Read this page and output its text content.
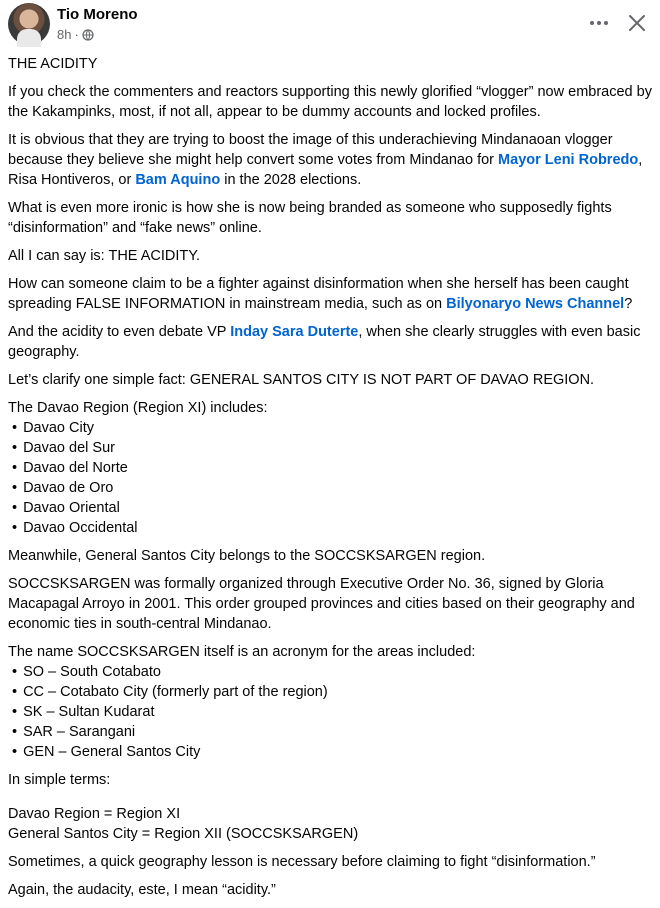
Tio Moreno
8h ·

THE ACIDITY

If you check the commenters and reactors supporting this newly glorified “vlogger” now embraced by the Kakampinks, most, if not all, appear to be dummy accounts and locked profiles.

It is obvious that they are trying to boost the image of this underachieving Mindanaoan vlogger because they believe she might help convert some votes from Mindanao for Mayor Leni Robredo, Risa Hontiveros, or Bam Aquino in the 2028 elections.

What is even more ironic is how she is now being branded as someone who supposedly fights “disinformation” and “fake news” online.

All I can say is: THE ACIDITY.

How can someone claim to be a fighter against disinformation when she herself has been caught spreading FALSE INFORMATION in mainstream media, such as on Bilyonaryo News Channel?

And the acidity to even debate VP Inday Sara Duterte, when she clearly struggles with even basic geography.

Let’s clarify one simple fact: GENERAL SANTOS CITY IS NOT PART OF DAVAO REGION.

The Davao Region (Region XI) includes:

• Davao City
• Davao del Sur
• Davao del Norte
• Davao de Oro
• Davao Oriental
• Davao Occidental

Meanwhile, General Santos City belongs to the SOCCSKSARGEN region.

SOCCSKSARGEN was formally organized through Executive Order No. 36, signed by Gloria Macapagal Arroyo in 2001. This order grouped provinces and cities based on their geography and economic ties in south-central Mindanao.

The name SOCCSKSARGEN itself is an acronym for the areas included:

• SO – South Cotabato
• CC – Cotabato City (formerly part of the region)
• SK – Sultan Kudarat
• SAR – Sarangani
• GEN – General Santos City

In simple terms:

Davao Region = Region XI
General Santos City = Region XII (SOCCSKSARGEN)

Sometimes, a quick geography lesson is necessary before claiming to fight “disinformation.”

Again, the audacity, este, I mean “acidity.”
